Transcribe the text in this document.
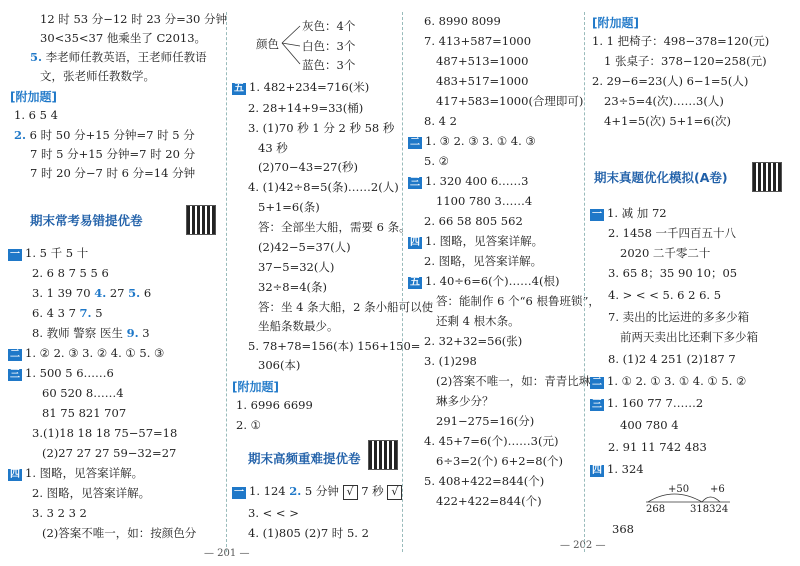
12 时 53 分−12 时 23 分=30 分钟
30<35<37 他乘坐了 C2013。
5. 李老师任教英语，王老师任教语
文，张老师任教数学。
[附加题]
1. 6 5 4
2. 6 时 50 分+15 分钟=7 时 5 分
7 时 5 分+15 分钟=7 时 20 分
7 时 20 分−7 时 6 分=14 分钟
期末常考易错提优卷
一 1. 5 千 5 十
2. 6 8 7 5 5 6
3. 1 39 70 4. 27 5. 6
6. 4 3 7 7. 5
8. 教师 警察 医生 9. 3
二 1. ② 2. ③ 3. ② 4. ① 5. ③
三 1. 500 5 6……6
60 520 8……4
81 75 821 707
3.(1)18 18 18 75−57=18
(2)27 27 27 59−32=27
四 1. 图略，见答案详解。
2. 图略，见答案详解。
3. 3 2 3 2
(2)答案不唯一，如：按颜色分
颜色
灰色：4个
白色：3个
蓝色：3个
五 1. 482+234=716(米)
2. 28+14+9=33(桶)
3. (1)70 秒 1 分 2 秒 58 秒
43 秒
(2)70−43=27(秒)
4. (1)42÷8=5(条)……2(人)
5+1=6(条)
答：全部坐大船，需要 6 条。
(2)42−5=37(人)
37−5=32(人)
32÷8=4(条)
答：坐 4 条大船，2 条小船可以使
坐船条数最少。
5. 78+78=156(本) 156+150=
306(本)
[附加题]
1. 6996 6699
2. ①
期末高频重难提优卷
一 1. 124 2. 5 分钟 √ 7 秒 √
3. < < >
4. (1)805 (2)7 时 5. 2
— 201 —
6. 8990 8099
7. 413+587=1000
487+513=1000
483+517=1000
417+583=1000(合理即可)
8. 4 2
二 1. ③ 2. ③ 3. ① 4. ③
5. ②
三 1. 320 400 6……3
1100 780 3……4
2. 66 58 805 562
四 1. 图略，见答案详解。
2. 图略，见答案详解。
五 1. 40÷6=6(个)……4(根)
答：能制作 6 个“6 根鲁班锁”，
还剩 4 根木条。
2. 32+32=56(张)
3. (1)298
(2)答案不唯一，如：青青比琳
琳多少分？
291−275=16(分)
4. 45+7=6(个)……3(元)
6÷3=2(个) 6+2=8(个)
5. 408+422=844(个)
422+422=844(个)
— 202 —
[附加题]
1. 1 把椅子：498−378=120(元)
1 张桌子：378−120=258(元)
2. 29−6=23(人) 6−1=5(人)
23÷5=4(次)……3(人)
4+1=5(次) 5+1=6(次)
期末真题优化模拟(A卷)
一 1. 减 加 72
2. 1458 一千四百五十八
2020 二千零二十
3. 65 8；35 90 10；05
4. > < < 5. 6 2 6. 5
7. 卖出的比运进的多多少箱
前两天卖出比还剩下多少箱
8. (1)2 4 251 (2)187 7
二 1. ① 2. ① 3. ① 4. ① 5. ②
三 1. 160 77 7……2
400 780 4
2. 91 11 742 483
四 1. 324
+50 +6
268 318324
368
